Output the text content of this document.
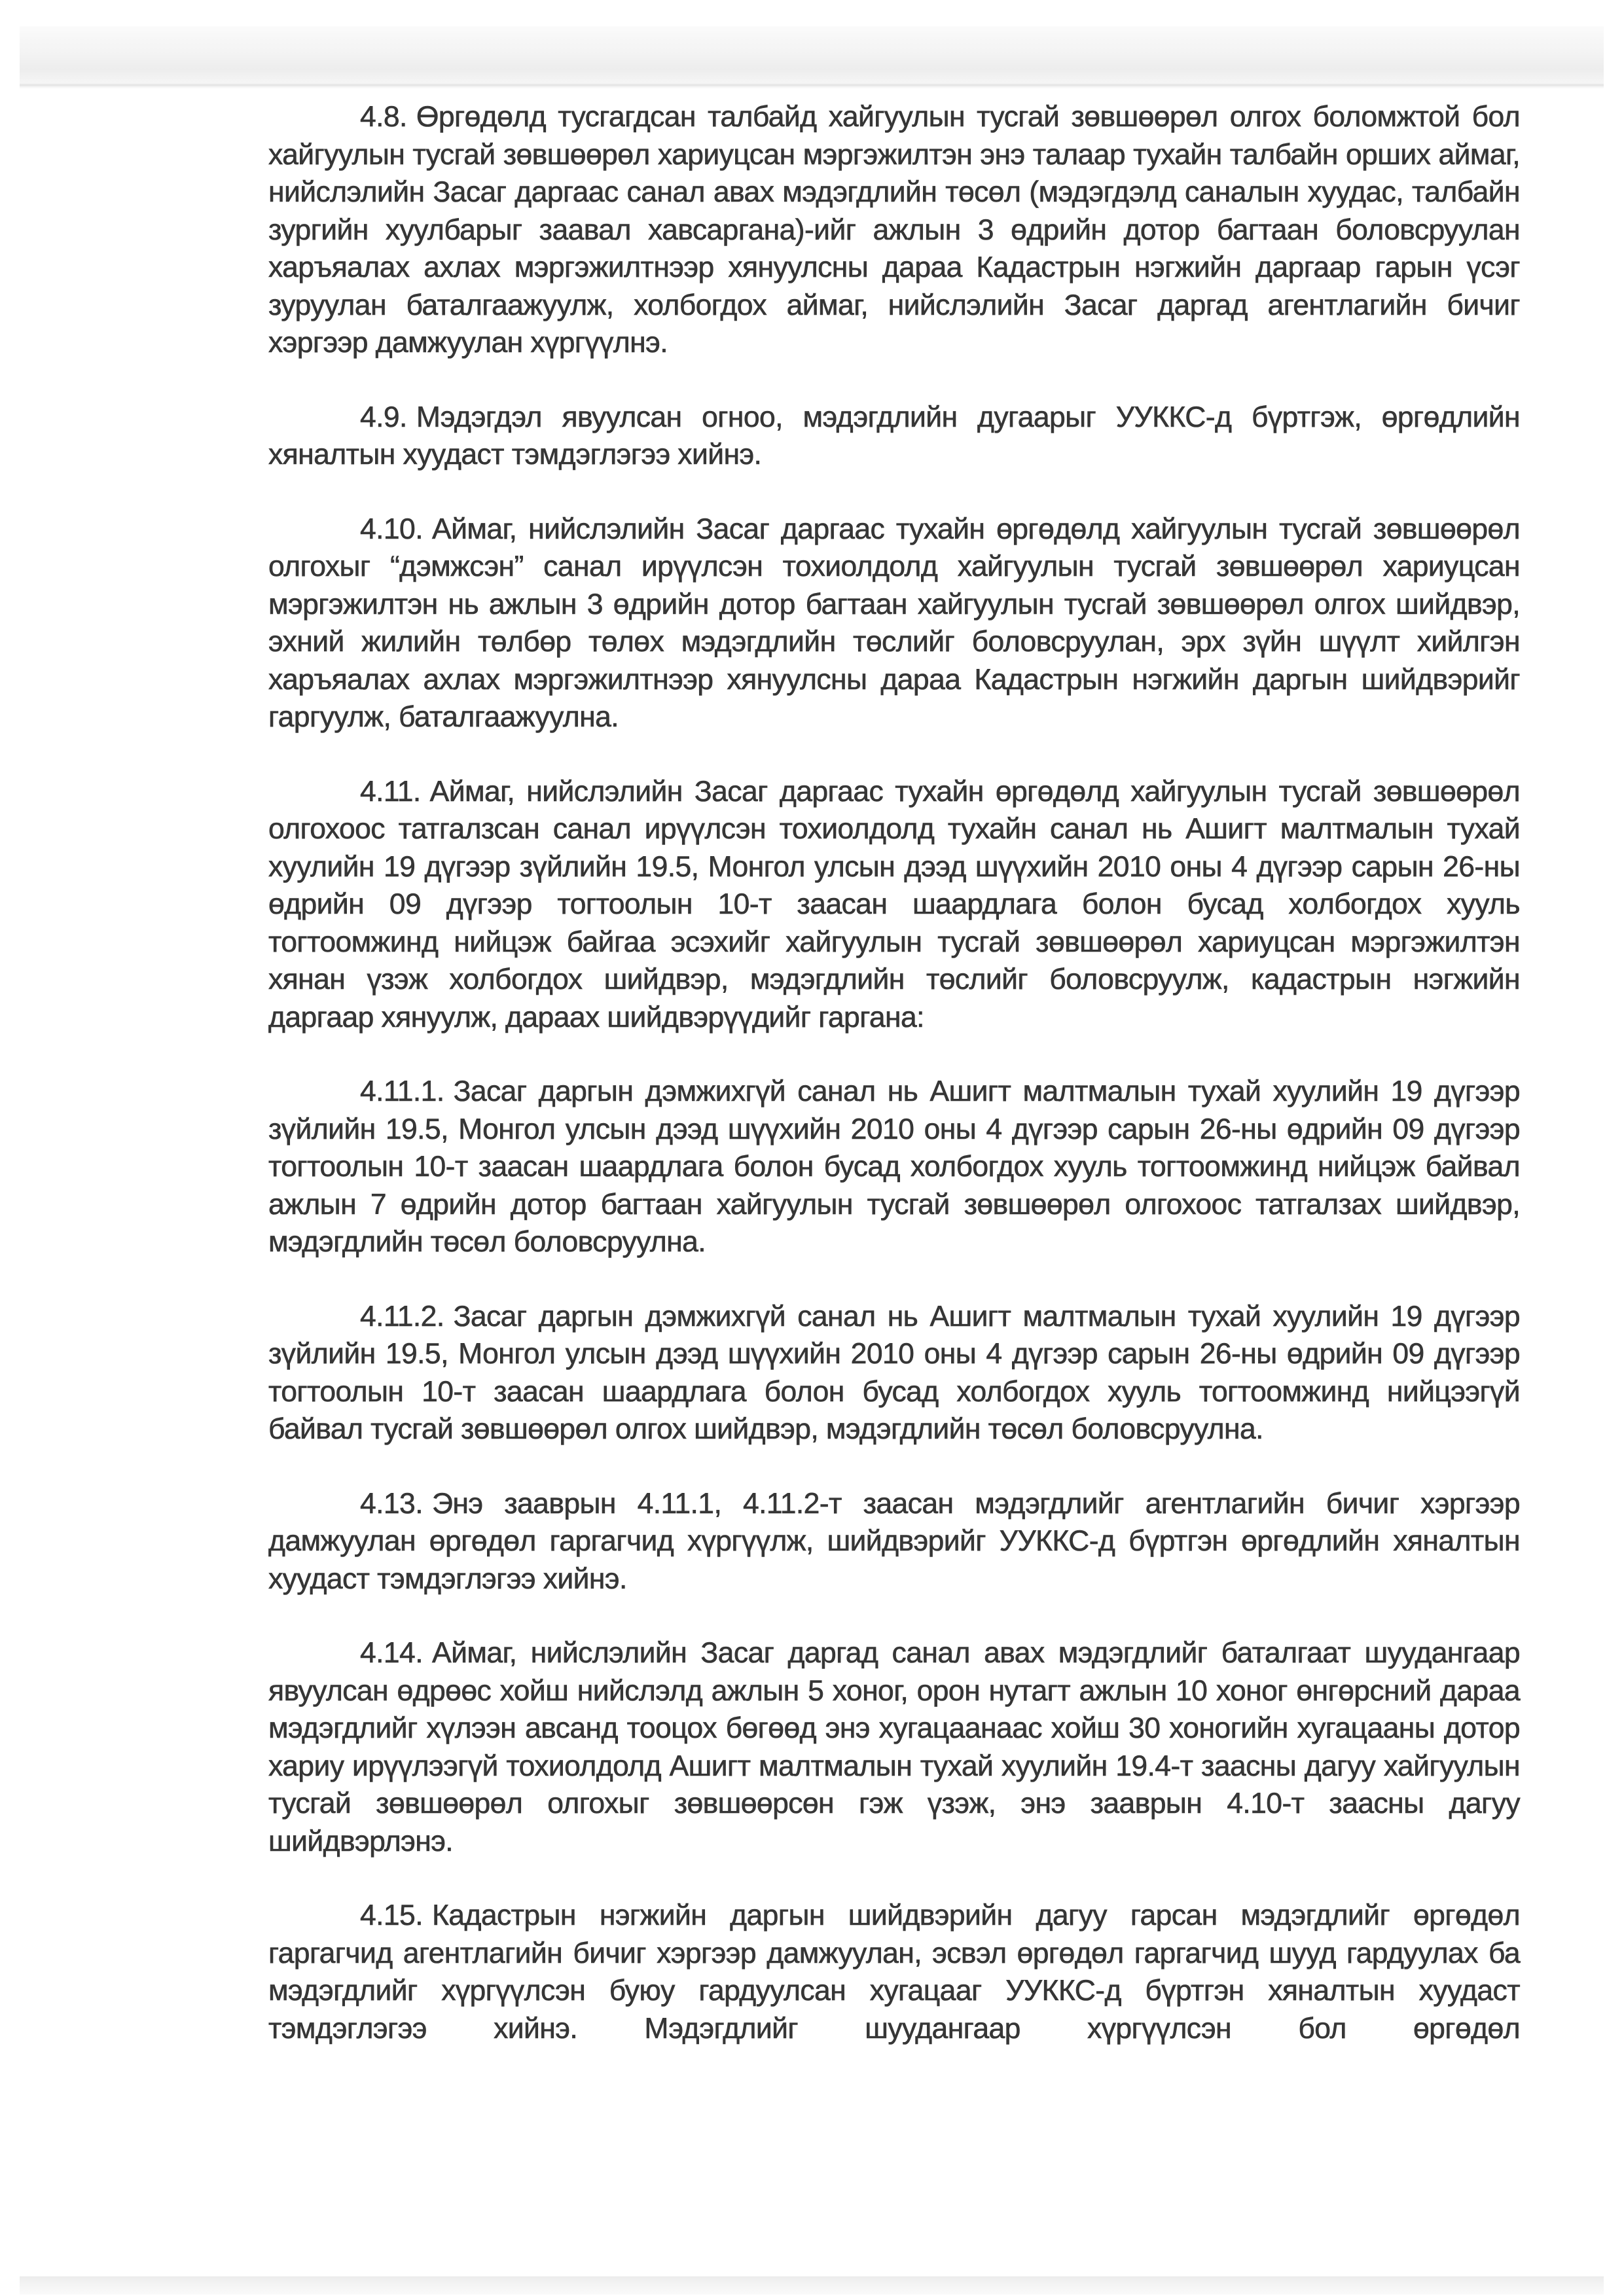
4.8. Өргөдөлд тусгагдсан талбайд хайгуулын тусгай зөвшөөрөл олгох боломжтой бол хайгуулын тусгай зөвшөөрөл хариуцсан мэргэжилтэн энэ талаар тухайн талбайн орших аймаг, нийслэлийн Засаг даргаас санал авах мэдэгдлийн төсөл (мэдэгдэлд саналын хуудас, талбайн зургийн хуулбарыг заавал хавсаргана)-ийг ажлын 3 өдрийн дотор багтаан боловсруулан харъяалах ахлах мэргэжилтнээр хянуулсны дараа Кадастрын нэгжийн даргаар гарын үсэг зуруулан баталгаажуулж, холбогдох аймаг, нийслэлийн Засаг даргад агентлагийн бичиг хэргээр дамжуулан хүргүүлнэ.

4.9. Мэдэгдэл явуулсан огноо, мэдэгдлийн дугаарыг УУККС-д бүртгэж, өргөдлийн хяналтын хуудаст тэмдэглэгээ хийнэ.

4.10. Аймаг, нийслэлийн Засаг даргаас тухайн өргөдөлд хайгуулын тусгай зөвшөөрөл олгохыг “дэмжсэн” санал ирүүлсэн тохиолдолд хайгуулын тусгай зөвшөөрөл хариуцсан мэргэжилтэн нь ажлын 3 өдрийн дотор багтаан хайгуулын тусгай зөвшөөрөл олгох шийдвэр, эхний жилийн төлбөр төлөх мэдэгдлийн төслийг боловсруулан, эрх зүйн шүүлт хийлгэн харъяалах ахлах мэргэжилтнээр хянуулсны дараа Кадастрын нэгжийн даргын шийдвэрийг гаргуулж, баталгаажуулна.

4.11. Аймаг, нийслэлийн Засаг даргаас тухайн өргөдөлд хайгуулын тусгай зөвшөөрөл олгохоос татгалзсан санал ирүүлсэн тохиолдолд тухайн санал нь Ашигт малтмалын тухай хуулийн 19 дүгээр зүйлийн 19.5, Монгол улсын дээд шүүхийн 2010 оны 4 дүгээр сарын 26-ны өдрийн 09 дүгээр тогтоолын 10-т заасан шаардлага болон бусад холбогдох хууль тогтоомжинд нийцэж байгаа эсэхийг хайгуулын тусгай зөвшөөрөл хариуцсан мэргэжилтэн хянан үзэж холбогдох шийдвэр, мэдэгдлийн төслийг боловсруулж, кадастрын нэгжийн даргаар хянуулж, дараах шийдвэрүүдийг гаргана:

4.11.1. Засаг даргын дэмжихгүй санал нь Ашигт малтмалын тухай хуулийн 19 дүгээр зүйлийн 19.5, Монгол улсын дээд шүүхийн 2010 оны 4 дүгээр сарын 26-ны өдрийн 09 дүгээр тогтоолын 10-т заасан шаардлага болон бусад холбогдох хууль тогтоомжинд нийцэж байвал ажлын 7 өдрийн дотор багтаан хайгуулын тусгай зөвшөөрөл олгохоос татгалзах шийдвэр, мэдэгдлийн төсөл боловсруулна.

4.11.2. Засаг даргын дэмжихгүй санал нь Ашигт малтмалын тухай хуулийн 19 дүгээр зүйлийн 19.5, Монгол улсын дээд шүүхийн 2010 оны 4 дүгээр сарын 26-ны өдрийн 09 дүгээр тогтоолын 10-т заасан шаардлага болон бусад холбогдох хууль тогтоомжинд нийцээгүй байвал тусгай зөвшөөрөл олгох шийдвэр, мэдэгдлийн төсөл боловсруулна.

4.13. Энэ зааврын 4.11.1, 4.11.2-т заасан мэдэгдлийг агентлагийн бичиг хэргээр дамжуулан өргөдөл гаргагчид хүргүүлж, шийдвэрийг УУККС-д бүртгэн өргөдлийн хяналтын хуудаст тэмдэглэгээ хийнэ.

4.14. Аймаг, нийслэлийн Засаг даргад санал авах мэдэгдлийг баталгаат шуудангаар явуулсан өдрөөс хойш нийслэлд ажлын 5 хоног, орон нутагт ажлын 10 хоног өнгөрсний дараа мэдэгдлийг хүлээн авсанд тооцох бөгөөд энэ хугацаанаас хойш 30 хоногийн хугацааны дотор хариу ирүүлээгүй тохиолдолд Ашигт малтмалын тухай хуулийн 19.4-т заасны дагуу хайгуулын тусгай зөвшөөрөл олгохыг зөвшөөрсөн гэж үзэж, энэ зааврын 4.10-т заасны дагуу шийдвэрлэнэ.

4.15. Кадастрын нэгжийн даргын шийдвэрийн дагуу гарсан мэдэгдлийг өргөдөл гаргагчид агентлагийн бичиг хэргээр дамжуулан, эсвэл өргөдөл гаргагчид шууд гардуулах ба мэдэгдлийг хүргүүлсэн буюу гардуулсан хугацааг УУККС-д бүртгэн хяналтын хуудаст тэмдэглэгээ хийнэ. Мэдэгдлийг шуудангаар хүргүүлсэн бол өргөдөл
